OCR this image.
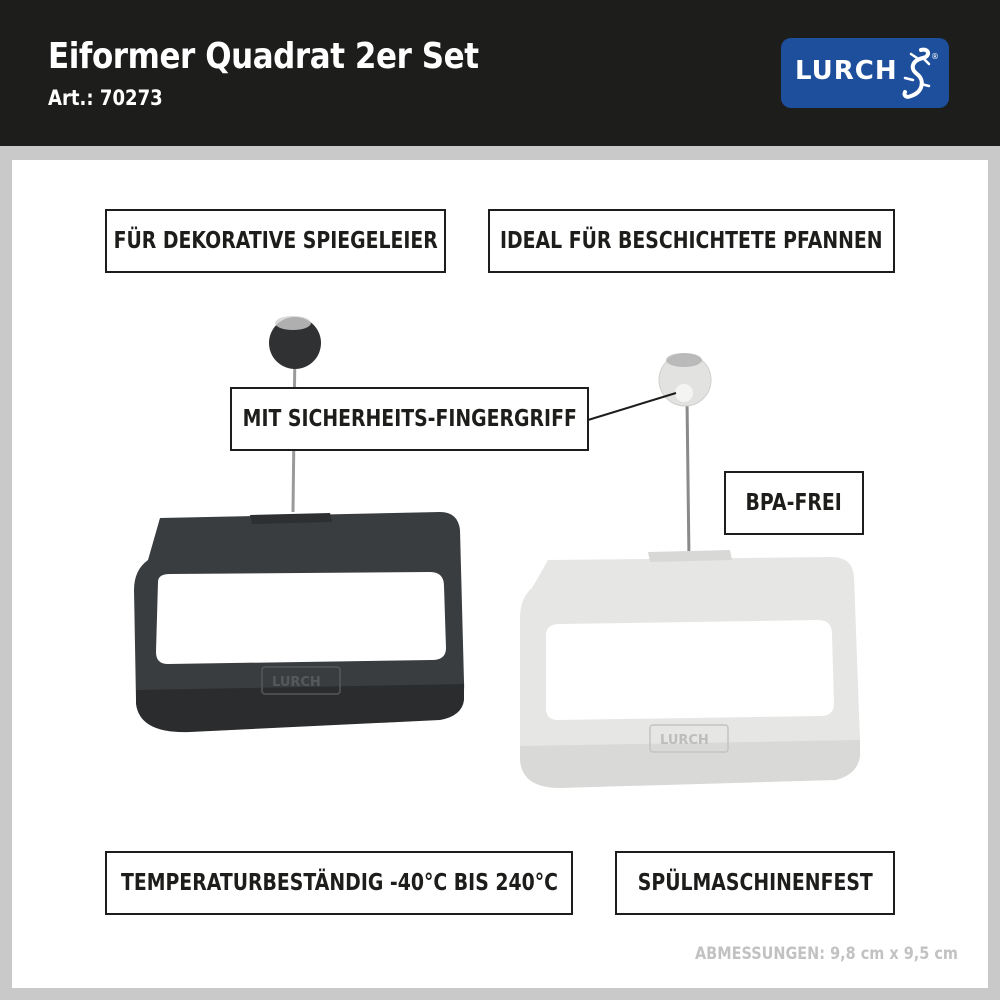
Eiformer Quadrat 2er Set
Art.: 70273
LURCH	®
LURCH
LURCH
FÜR DEKORATIVE SPIEGELEIER	IDEAL FÜR BESCHICHTETE PFANNEN
MIT SICHERHEITS-FINGERGRIFF
BPA-FREI
TEMPERATURBESTÄNDIG -40°C BIS 240°C	SPÜLMASCHINENFEST
ABMESSUNGEN: 9,8 cm x 9,5 cm
